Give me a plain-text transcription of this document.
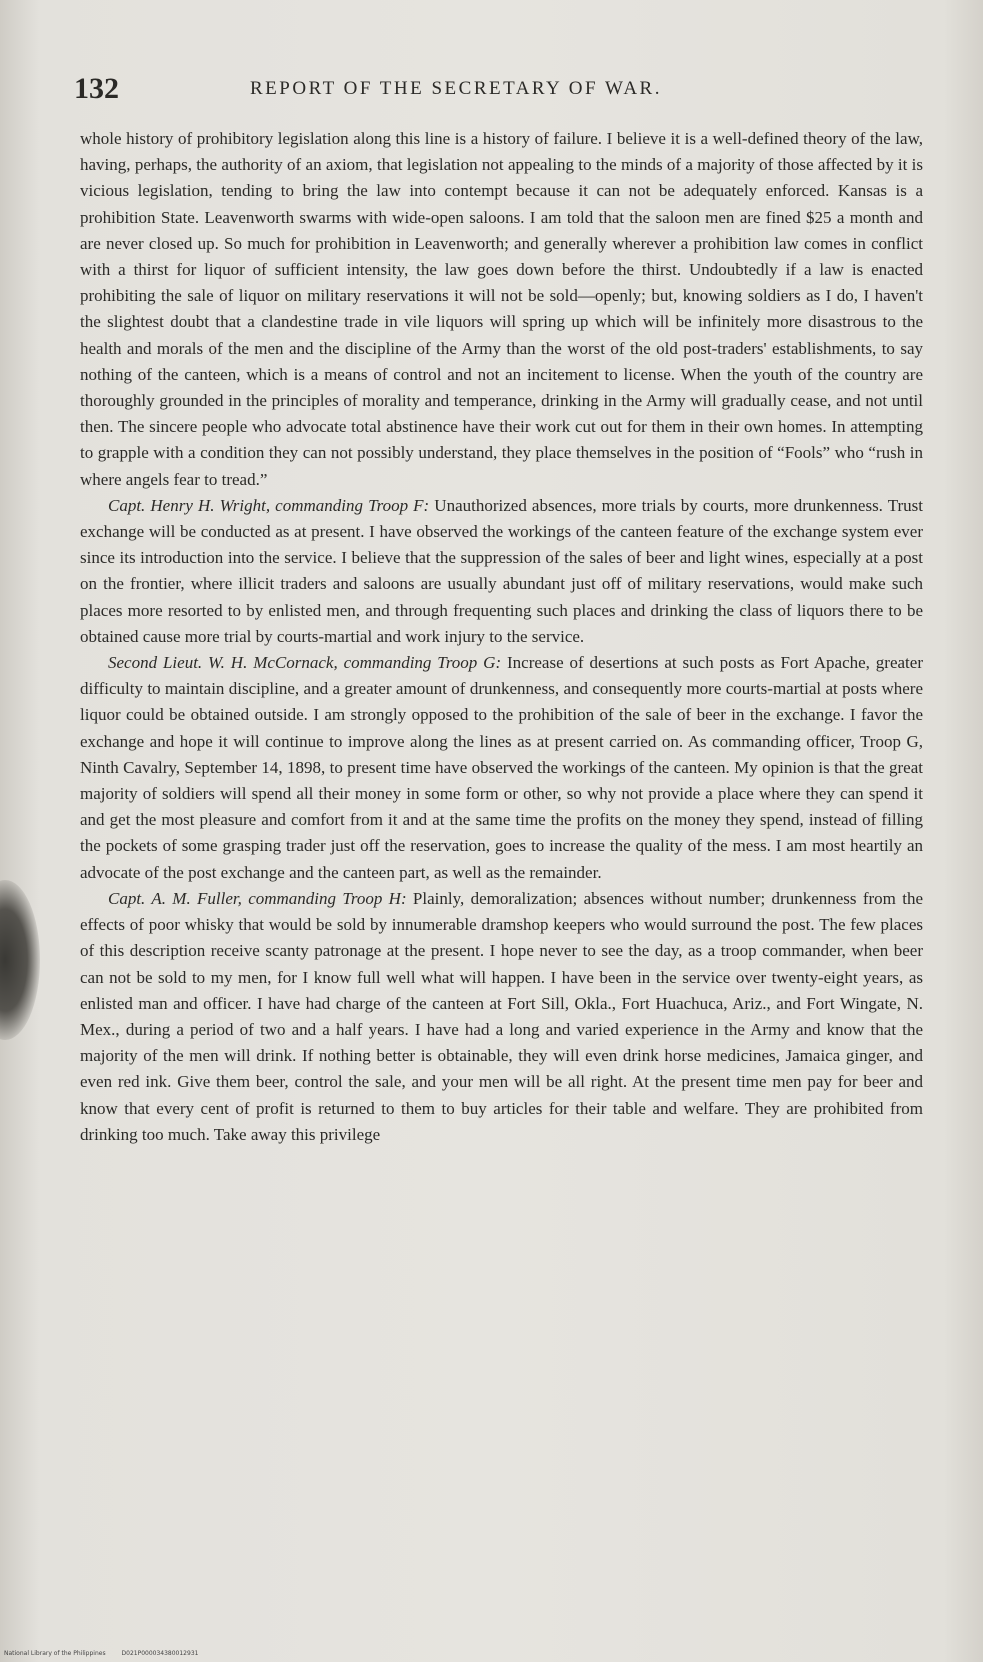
132	REPORT OF THE SECRETARY OF WAR.

whole history of prohibitory legislation along this line is a history of failure. I believe it is a well-defined theory of the law, having, perhaps, the authority of an axiom, that legislation not appealing to the minds of a majority of those affected by it is vicious legislation, tending to bring the law into contempt because it can not be adequately enforced. Kansas is a prohibition State. Leavenworth swarms with wide-open saloons. I am told that the saloon men are fined $25 a month and are never closed up. So much for prohibition in Leavenworth; and generally wherever a prohibition law comes in conflict with a thirst for liquor of sufficient intensity, the law goes down before the thirst. Undoubtedly if a law is enacted prohibiting the sale of liquor on military reservations it will not be sold—openly; but, knowing soldiers as I do, I haven't the slightest doubt that a clandestine trade in vile liquors will spring up which will be infinitely more disastrous to the health and morals of the men and the discipline of the Army than the worst of the old post-traders' establishments, to say nothing of the canteen, which is a means of control and not an incitement to license. When the youth of the country are thoroughly grounded in the principles of morality and temperance, drinking in the Army will gradually cease, and not until then. The sincere people who advocate total abstinence have their work cut out for them in their own homes. In attempting to grapple with a condition they can not possibly understand, they place themselves in the position of “Fools” who “rush in where angels fear to tread.”

Capt. Henry H. Wright, commanding Troop F: Unauthorized absences, more trials by courts, more drunkenness. Trust exchange will be conducted as at present. I have observed the workings of the canteen feature of the exchange system ever since its introduction into the service. I believe that the suppression of the sales of beer and light wines, especially at a post on the frontier, where illicit traders and saloons are usually abundant just off of military reservations, would make such places more resorted to by enlisted men, and through frequenting such places and drinking the class of liquors there to be obtained cause more trial by courts-martial and work injury to the service.

Second Lieut. W. H. McCornack, commanding Troop G: Increase of desertions at such posts as Fort Apache, greater difficulty to maintain discipline, and a greater amount of drunkenness, and consequently more courts-martial at posts where liquor could be obtained outside. I am strongly opposed to the prohibition of the sale of beer in the exchange. I favor the exchange and hope it will continue to improve along the lines as at present carried on. As commanding officer, Troop G, Ninth Cavalry, September 14, 1898, to present time have observed the workings of the canteen. My opinion is that the great majority of soldiers will spend all their money in some form or other, so why not provide a place where they can spend it and get the most pleasure and comfort from it and at the same time the profits on the money they spend, instead of filling the pockets of some grasping trader just off the reservation, goes to increase the quality of the mess. I am most heartily an advocate of the post exchange and the canteen part, as well as the remainder.

Capt. A. M. Fuller, commanding Troop H: Plainly, demoralization; absences without number; drunkenness from the effects of poor whisky that would be sold by innumerable dramshop keepers who would surround the post. The few places of this description receive scanty patronage at the present. I hope never to see the day, as a troop commander, when beer can not be sold to my men, for I know full well what will happen. I have been in the service over twenty-eight years, as enlisted man and officer. I have had charge of the canteen at Fort Sill, Okla., Fort Huachuca, Ariz., and Fort Wingate, N. Mex., during a period of two and a half years. I have had a long and varied experience in the Army and know that the majority of the men will drink. If nothing better is obtainable, they will even drink horse medicines, Jamaica ginger, and even red ink. Give them beer, control the sale, and your men will be all right. At the present time men pay for beer and know that every cent of profit is returned to them to buy articles for their table and welfare. They are prohibited from drinking too much. Take away this privilege

National Library of the Philippines	D021P000034380012931
